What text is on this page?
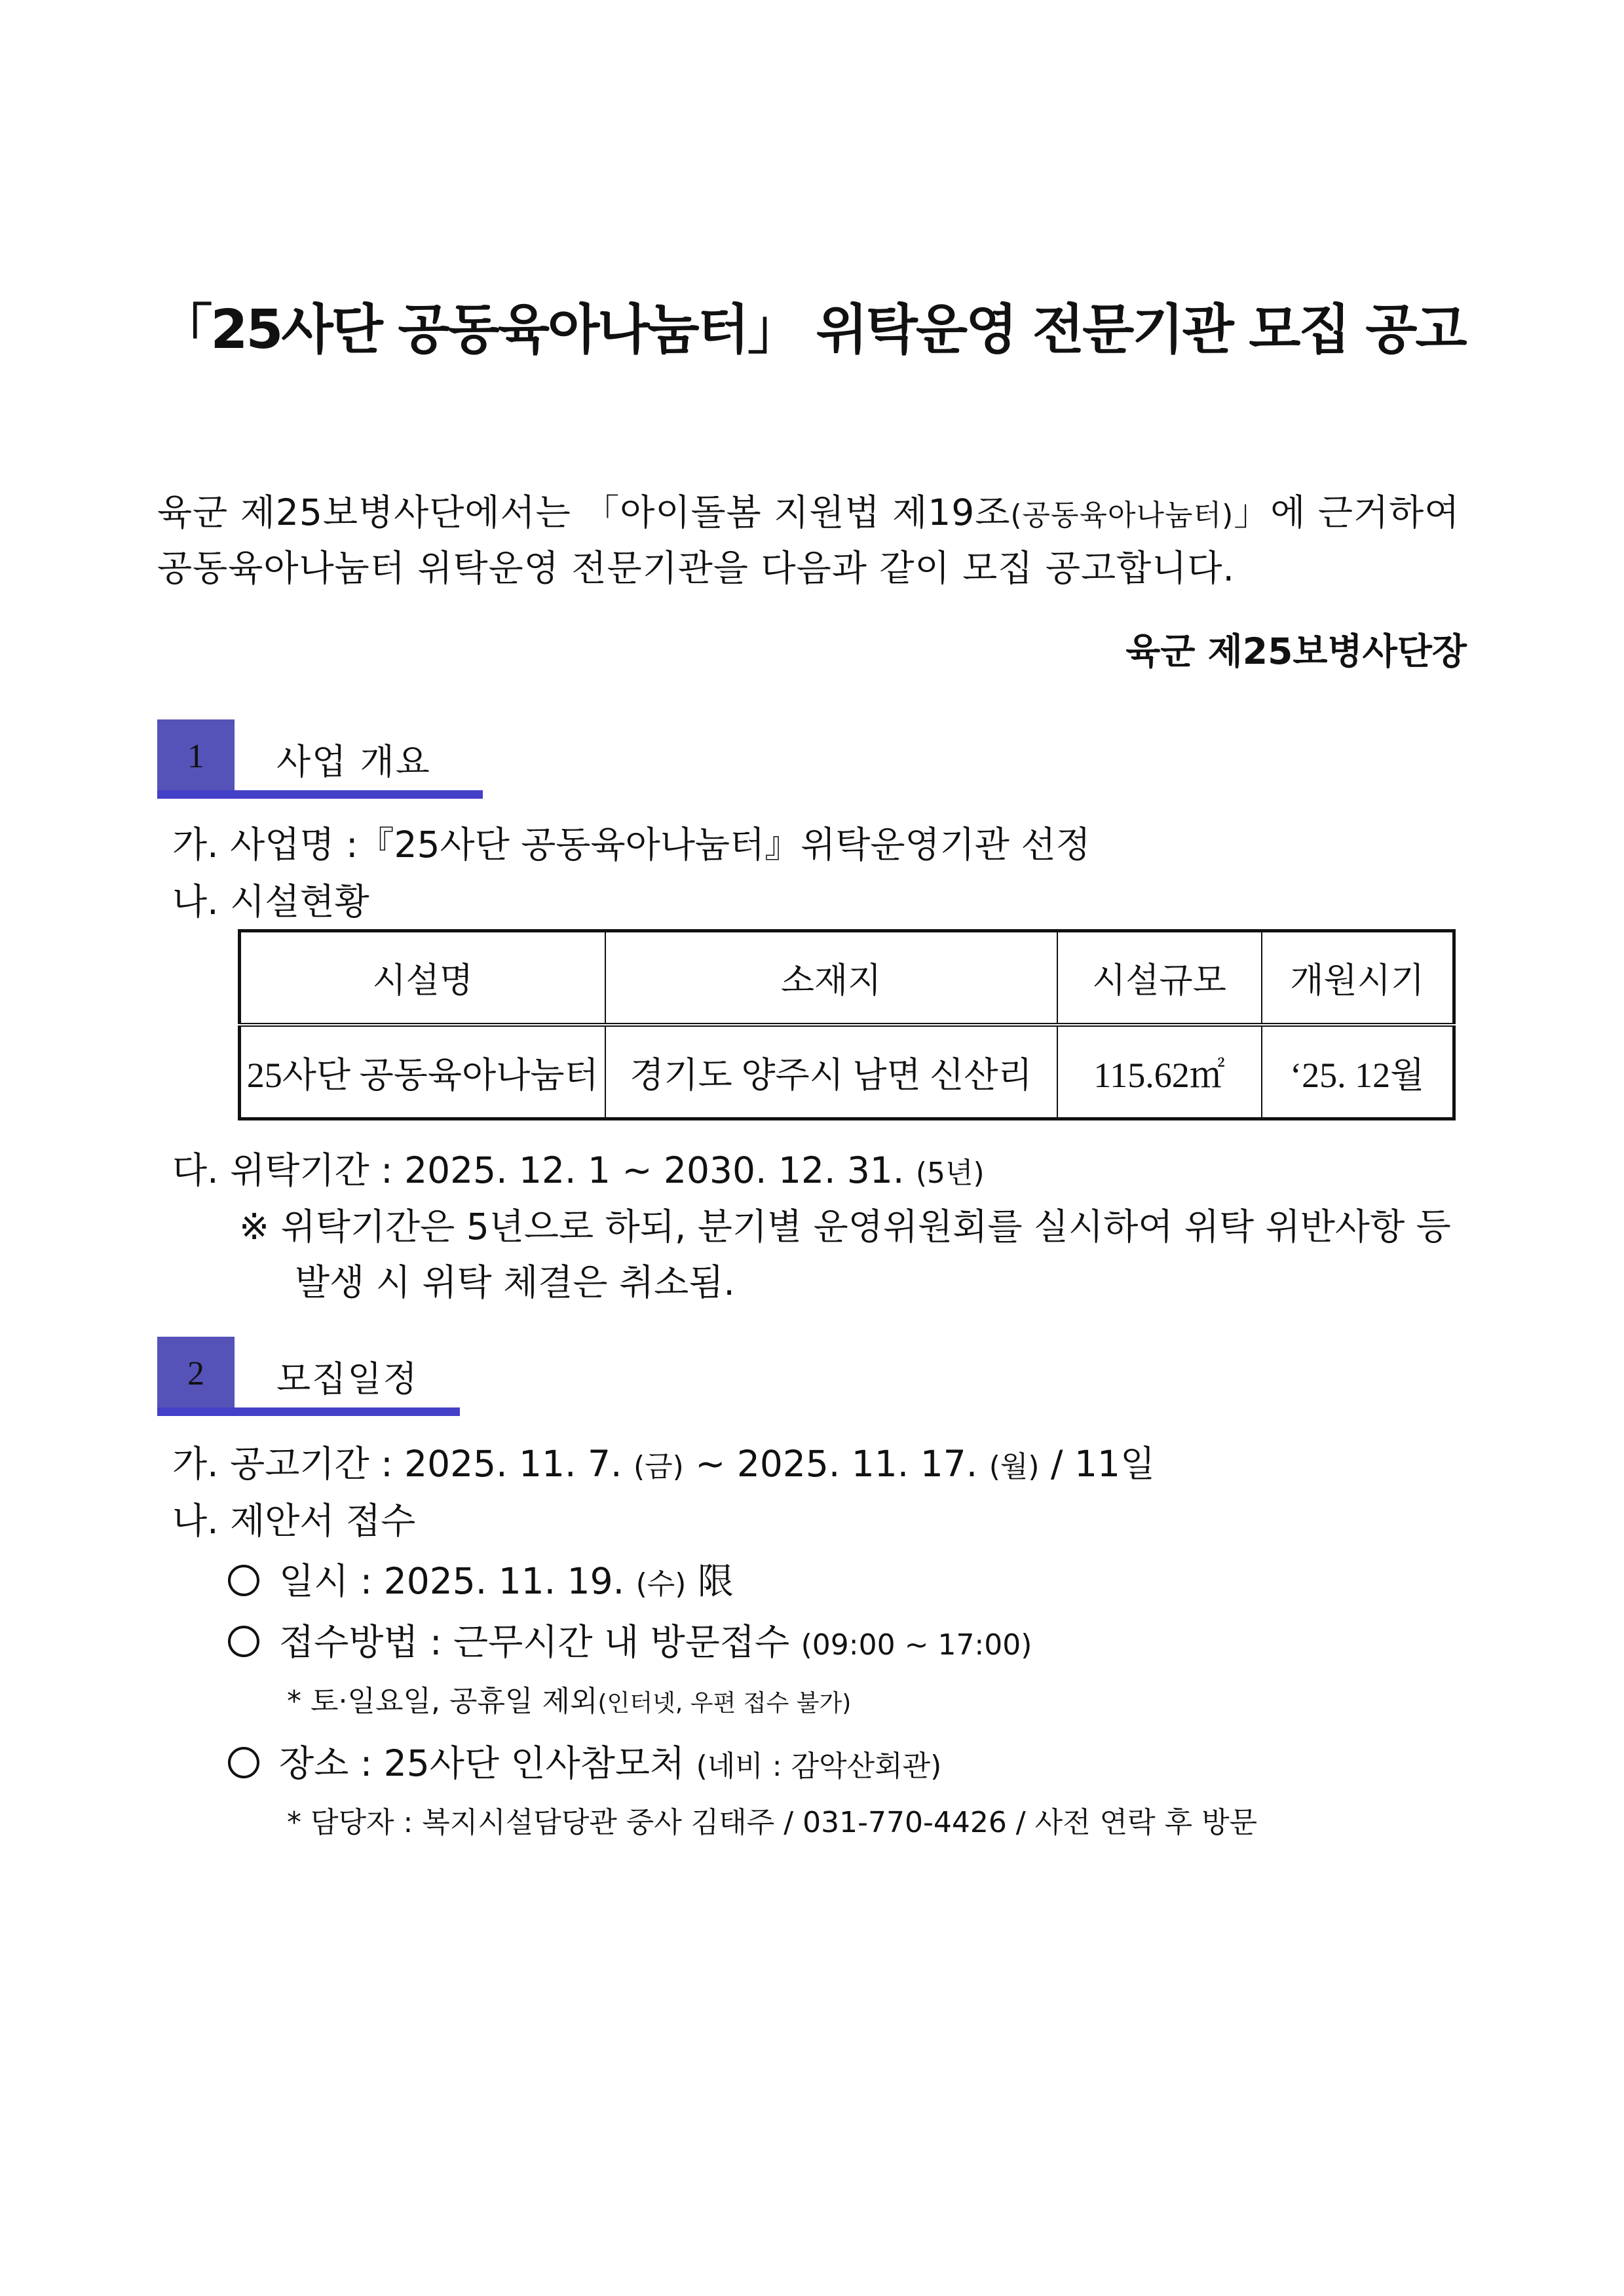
「25사단 공동육아나눔터」 위탁운영 전문기관 모집 공고
육군 제25보병사단에서는 「아이돌봄 지원법 제19조(공동육아나눔터)」에 근거하여
공동육아나눔터 위탁운영 전문기관을 다음과 같이 모집 공고합니다.
육군 제25보병사단장
1	사업 개요
가. 사업명 :『25사단 공동육아나눔터』위탁운영기관 선정
나. 시설현황
시설명	소재지	시설규모	개원시기
25사단 공동육아나눔터	경기도 양주시 남면 신산리	115.62㎡	‘25. 12월
다. 위탁기간 : 2025. 12. 1 ~ 2030. 12. 31. (5년)
※ 위탁기간은 5년으로 하되, 분기별 운영위원회를 실시하여 위탁 위반사항 등
발생 시 위탁 체결은 취소됨.
2	모집일정
가. 공고기간 : 2025. 11. 7. (금) ~ 2025. 11. 17. (월) / 11일
나. 제안서 접수
일시 : 2025. 11. 19. (수) 限
접수방법 : 근무시간 내 방문접수 (09:00 ~ 17:00)
* 토·일요일, 공휴일 제외(인터넷, 우편 접수 불가)
장소 : 25사단 인사참모처 (네비 : 감악산회관)
* 담당자 : 복지시설담당관 중사 김태주 / 031-770-4426 / 사전 연락 후 방문
